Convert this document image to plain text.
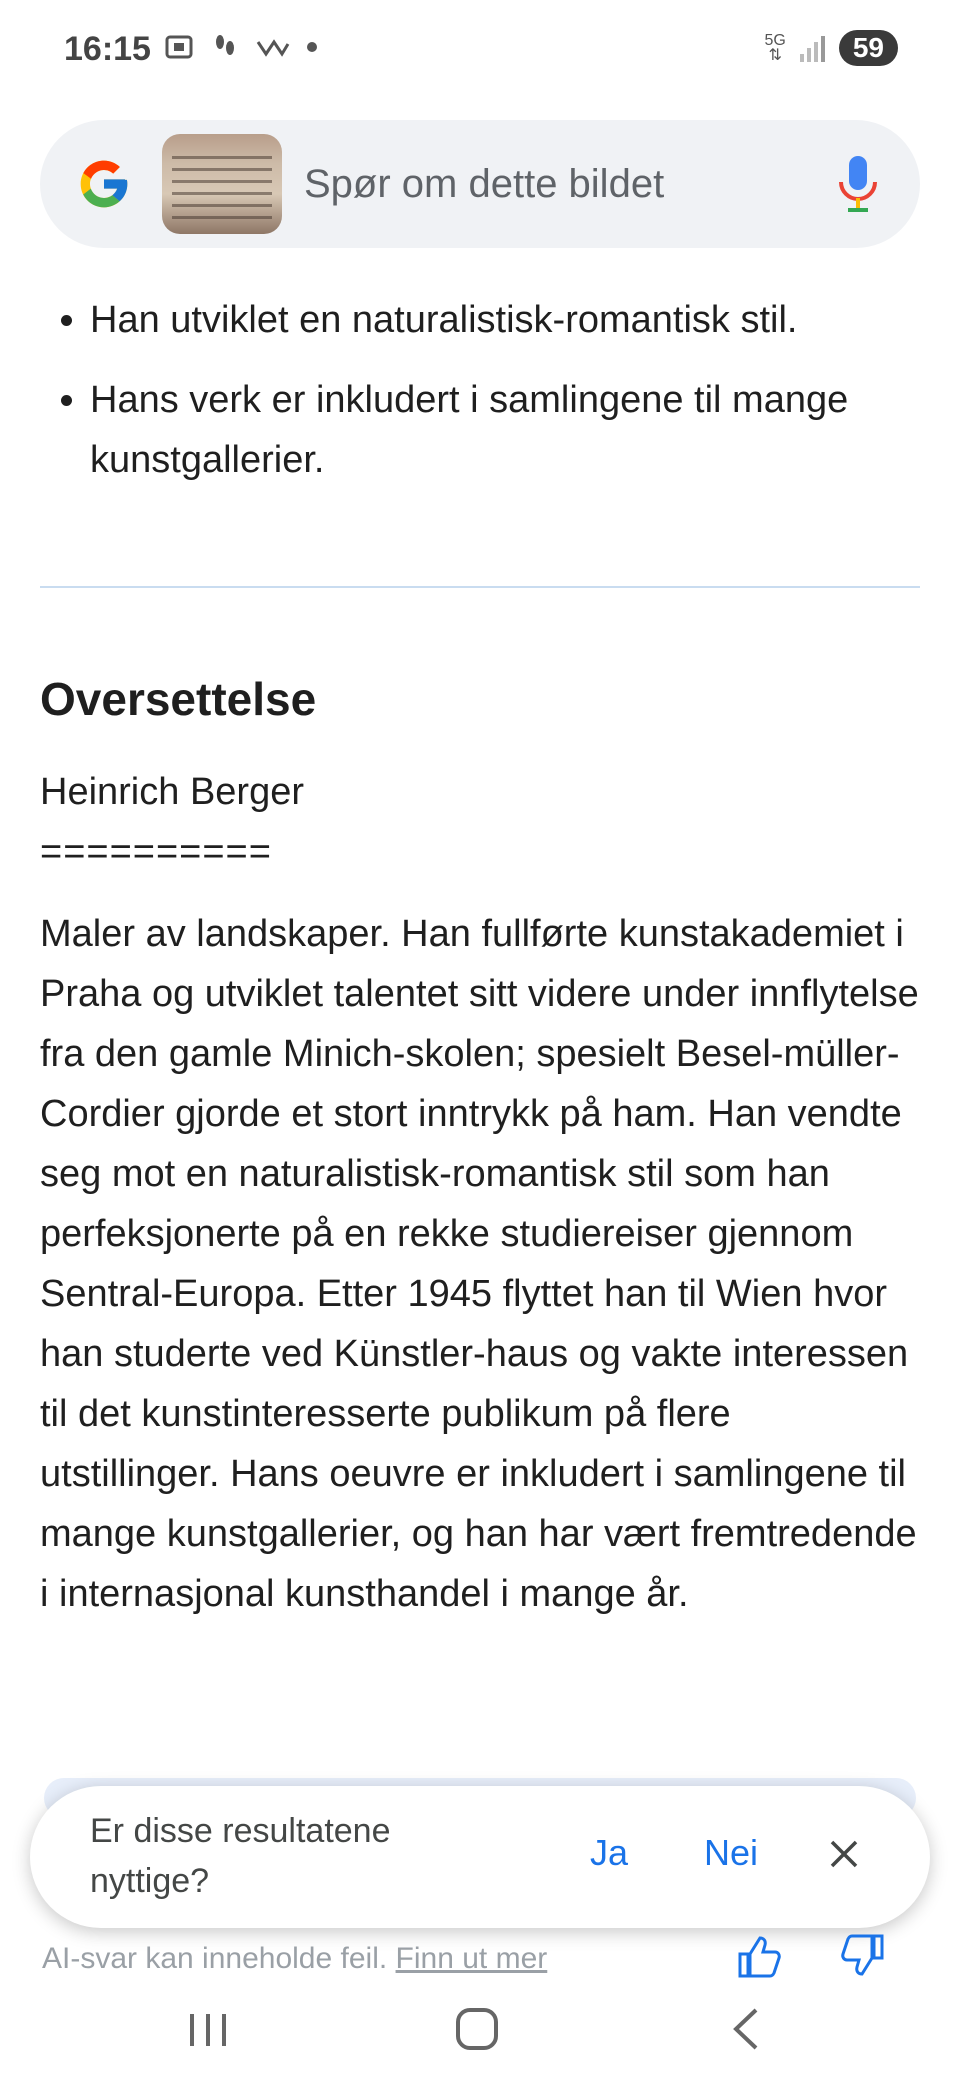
16:15	5G
⇅	59
Spør om dette bildet
• Han utviklet en naturalistisk-romantisk stil.
• Hans verk er inkludert i samlingene til mange kunstgallerier.
Oversettelse
Heinrich Berger
==========
Maler av landskaper. Han fullførte kunstakademiet i Praha og utviklet talentet sitt videre under innflytelse fra den gamle Minich-skolen; spesielt Besel-müller-Cordier gjorde et stort inntrykk på ham. Han vendte seg mot en naturalistisk-romantisk stil som han perfeksjonerte på en rekke studiereiser gjennom Sentral-Europa. Etter 1945 flyttet han til Wien hvor han studerte ved Künstler-haus og vakte interessen til det kunstinteresserte publikum på flere utstillinger. Hans oeuvre er inkludert i samlingene til mange kunstgallerier, og han har vært fremtredende i internasjonal kunsthandel i mange år.
Er disse resultatene nyttige?
Ja Nei
AI-svar kan inneholde feil. Finn ut mer
